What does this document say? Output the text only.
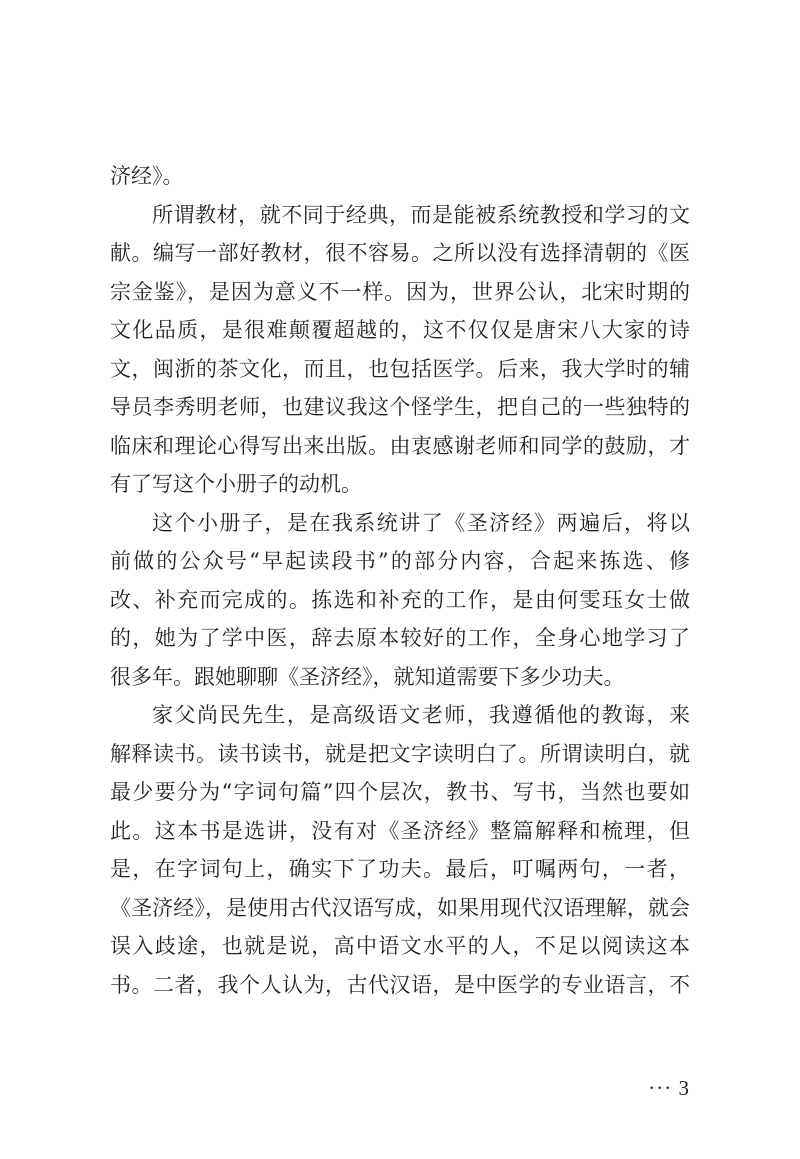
济经》。
所谓教材，就不同于经典，而是能被系统教授和学习的文
献。编写一部好教材，很不容易。之所以没有选择清朝的《医
宗金鉴》，是因为意义不一样。因为，世界公认，北宋时期的
文化品质，是很难颠覆超越的，这不仅仅是唐宋八大家的诗
文，闽浙的茶文化，而且，也包括医学。后来，我大学时的辅
导员李秀明老师，也建议我这个怪学生，把自己的一些独特的
临床和理论心得写出来出版。由衷感谢老师和同学的鼓励，才
有了写这个小册子的动机。
这个小册子，是在我系统讲了《圣济经》两遍后，将以
前做的公众号“早起读段书”的部分内容，合起来拣选、修
改、补充而完成的。拣选和补充的工作，是由何雯珏女士做
的，她为了学中医，辞去原本较好的工作，全身心地学习了
很多年。跟她聊聊《圣济经》，就知道需要下多少功夫。
家父尚民先生，是高级语文老师，我遵循他的教诲，来
解释读书。读书读书，就是把文字读明白了。所谓读明白，就
最少要分为“字词句篇”四个层次，教书、写书，当然也要如
此。这本书是选讲，没有对《圣济经》整篇解释和梳理，但
是，在字词句上，确实下了功夫。最后，叮嘱两句，一者，
《圣济经》，是使用古代汉语写成，如果用现代汉语理解，就会
误入歧途，也就是说，高中语文水平的人，不足以阅读这本
书。二者，我个人认为，古代汉语，是中医学的专业语言，不
··· 3
